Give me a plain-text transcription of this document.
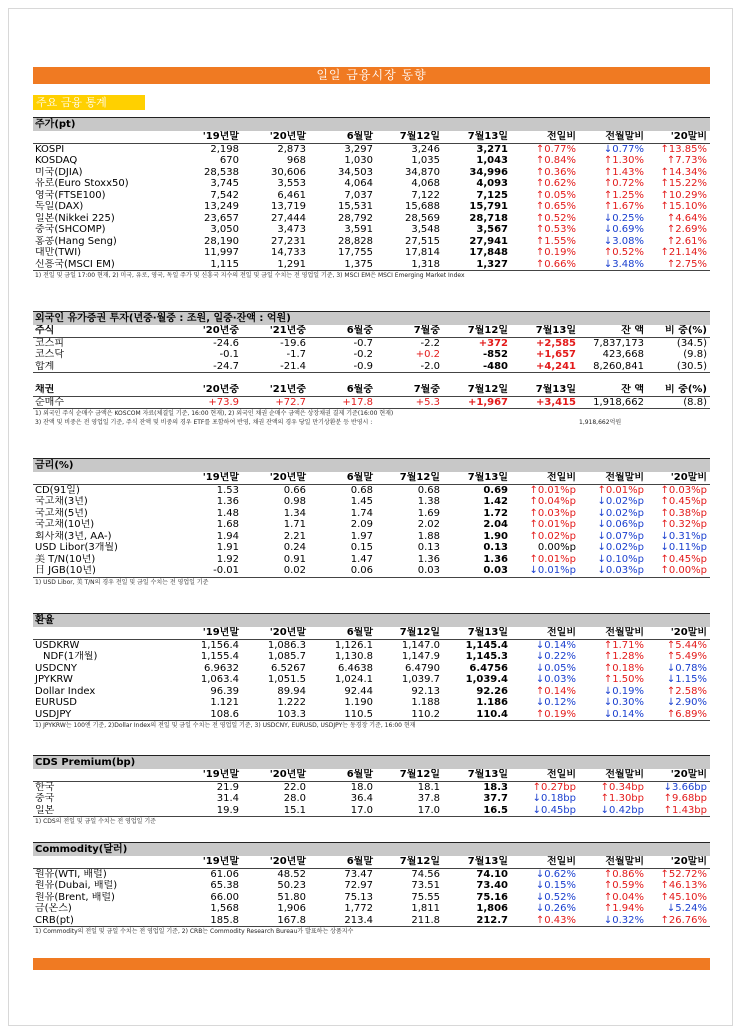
일일 금융시장 동향
주요 금융 통계
주가(pt)
	'19년말	'20년말	6월말	7월12일	7월13일	전일비	전월말비	'20말비
KOSPI	2,198	2,873	3,297	3,246	3,271	↑0.77%	↓0.77%	↑13.85%
KOSDAQ	670	968	1,030	1,035	1,043	↑0.84%	↑1.30%	↑7.73%
미국(DJIA)	28,538	30,606	34,503	34,870	34,996	↑0.36%	↑1.43%	↑14.34%
유로(Euro Stoxx50)	3,745	3,553	4,064	4,068	4,093	↑0.62%	↑0.72%	↑15.22%
영국(FTSE100)	7,542	6,461	7,037	7,122	7,125	↑0.05%	↑1.25%	↑10.29%
독일(DAX)	13,249	13,719	15,531	15,688	15,791	↑0.65%	↑1.67%	↑15.10%
일본(Nikkei 225)	23,657	27,444	28,792	28,569	28,718	↑0.52%	↓0.25%	↑4.64%
중국(SHCOMP)	3,050	3,473	3,591	3,548	3,567	↑0.53%	↓0.69%	↑2.69%
홍콩(Hang Seng)	28,190	27,231	28,828	27,515	27,941	↑1.55%	↓3.08%	↑2.61%
대만(TWI)	11,997	14,733	17,755	17,814	17,848	↑0.19%	↑0.52%	↑21.14%
신흥국(MSCI EM)	1,115	1,291	1,375	1,318	1,327	↑0.66%	↓3.48%	↑2.75%
1) 전일 및 금일 17:00 현재, 2) 미국, 유로, 영국, 독일 주가 및 신흥국 지수의 전일 및 금일 수치는 전 영업일 기준, 3) MSCI EM은 MSCI Emerging Market Index
외국인 유가증권 투자(년중·월중 : 조원, 일중·잔액 : 억원)
주식	'20년중	'21년중	6월중	7월중	7월12일	7월13일	잔 액	비 중(%)
코스피	-24.6	-19.6	-0.7	-2.2	+372	+2,585	7,837,173	(34.5)
코스닥	-0.1	-1.7	-0.2	+0.2	-852	+1,657	423,668	(9.8)
합계	-24.7	-21.4	-0.9	-2.0	-480	+4,241	8,260,841	(30.5)
채권	'20년중	'21년중	6월중	7월중	7월12일	7월13일	잔 액	비 중(%)
순매수	+73.9	+72.7	+17.8	+5.3	+1,967	+3,415	1,918,662	(8.8)
1) 외국인 주식 순매수 금액은 KOSCOM 자료(체결일 기준, 16:00 현재), 2) 외국인 채권 순매수 금액은 상장채권 결제 기준(16:00 현재)
3) 잔액 및 비중은 전 영업일 기준, 주식 잔액 및 비중의 경우 ETF를 포함하여 반영, 채권 잔액의 경우 당일 만기상환분 등 반영시 :	1,918,662억원
금리(%)
	'19년말	'20년말	6월말	7월12일	7월13일	전일비	전월말비	'20말비
CD(91일)	1.53	0.66	0.68	0.68	0.69	↑0.01%p	↑0.01%p	↑0.03%p
국고채(3년)	1.36	0.98	1.45	1.38	1.42	↑0.04%p	↓0.02%p	↑0.45%p
국고채(5년)	1.48	1.34	1.74	1.69	1.72	↑0.03%p	↓0.02%p	↑0.38%p
국고채(10년)	1.68	1.71	2.09	2.02	2.04	↑0.01%p	↓0.06%p	↑0.32%p
회사채(3년, AA-)	1.94	2.21	1.97	1.88	1.90	↑0.02%p	↓0.07%p	↓0.31%p
USD Libor(3개월)	1.91	0.24	0.15	0.13	0.13	0.00%p	↓0.02%p	↓0.11%p
美 T/N(10년)	1.92	0.91	1.47	1.36	1.36	↑0.01%p	↓0.10%p	↑0.45%p
日 JGB(10년)	-0.01	0.02	0.06	0.03	0.03	↓0.01%p	↓0.03%p	↑0.00%p
1) USD Libor, 美 T/N의 경우 전일 및 금일 수치는 전 영업일 기준
환율
	'19년말	'20년말	6월말	7월12일	7월13일	전일비	전월말비	'20말비
USDKRW	1,156.4	1,086.3	1,126.1	1,147.0	1,145.4	↓0.14%	↑1.71%	↑5.44%
NDF(1개월)	1,155.4	1,085.7	1,130.8	1,147.9	1,145.3	↓0.22%	↑1.28%	↑5.49%
USDCNY	6.9632	6.5267	6.4638	6.4790	6.4756	↓0.05%	↑0.18%	↓0.78%
JPYKRW	1,063.4	1,051.5	1,024.1	1,039.7	1,039.4	↓0.03%	↑1.50%	↓1.15%
Dollar Index	96.39	89.94	92.44	92.13	92.26	↑0.14%	↓0.19%	↑2.58%
EURUSD	1.121	1.222	1.190	1.188	1.186	↓0.12%	↓0.30%	↓2.90%
USDJPY	108.6	103.3	110.5	110.2	110.4	↑0.19%	↓0.14%	↑6.89%
1) JPYKRW는 100엔 기준, 2)Dollar Index의 전일 및 금일 수치는 전 영업일 기준, 3) USDCNY, EURUSD, USDJPY는 동경장 기준, 16:00 현재
CDS Premium(bp)
	'19년말	'20년말	6월말	7월12일	7월13일	전일비	전월말비	'20말비
한국	21.9	22.0	18.0	18.1	18.3	↑0.27bp	↑0.34bp	↓3.66bp
중국	31.4	28.0	36.4	37.8	37.7	↓0.18bp	↑1.30bp	↑9.68bp
일본	19.9	15.1	17.0	17.0	16.5	↓0.45bp	↓0.42bp	↑1.43bp
1) CDS의 전일 및 금일 수치는 전 영업일 기준
Commodity(달러)
	'19년말	'20년말	6월말	7월12일	7월13일	전일비	전월말비	'20말비
원유(WTI, 배럴)	61.06	48.52	73.47	74.56	74.10	↓0.62%	↑0.86%	↑52.72%
원유(Dubai, 배럴)	65.38	50.23	72.97	73.51	73.40	↓0.15%	↑0.59%	↑46.13%
원유(Brent, 배럴)	66.00	51.80	75.13	75.55	75.16	↓0.52%	↑0.04%	↑45.10%
금(온스)	1,568	1,906	1,772	1,811	1,806	↓0.26%	↑1.94%	↓5.24%
CRB(pt)	185.8	167.8	213.4	211.8	212.7	↑0.43%	↓0.32%	↑26.76%
1) Commodity의 전일 및 금일 수치는 전 영업일 기준, 2) CRB는 Commodity Research Bureau가 발표하는 상품지수
